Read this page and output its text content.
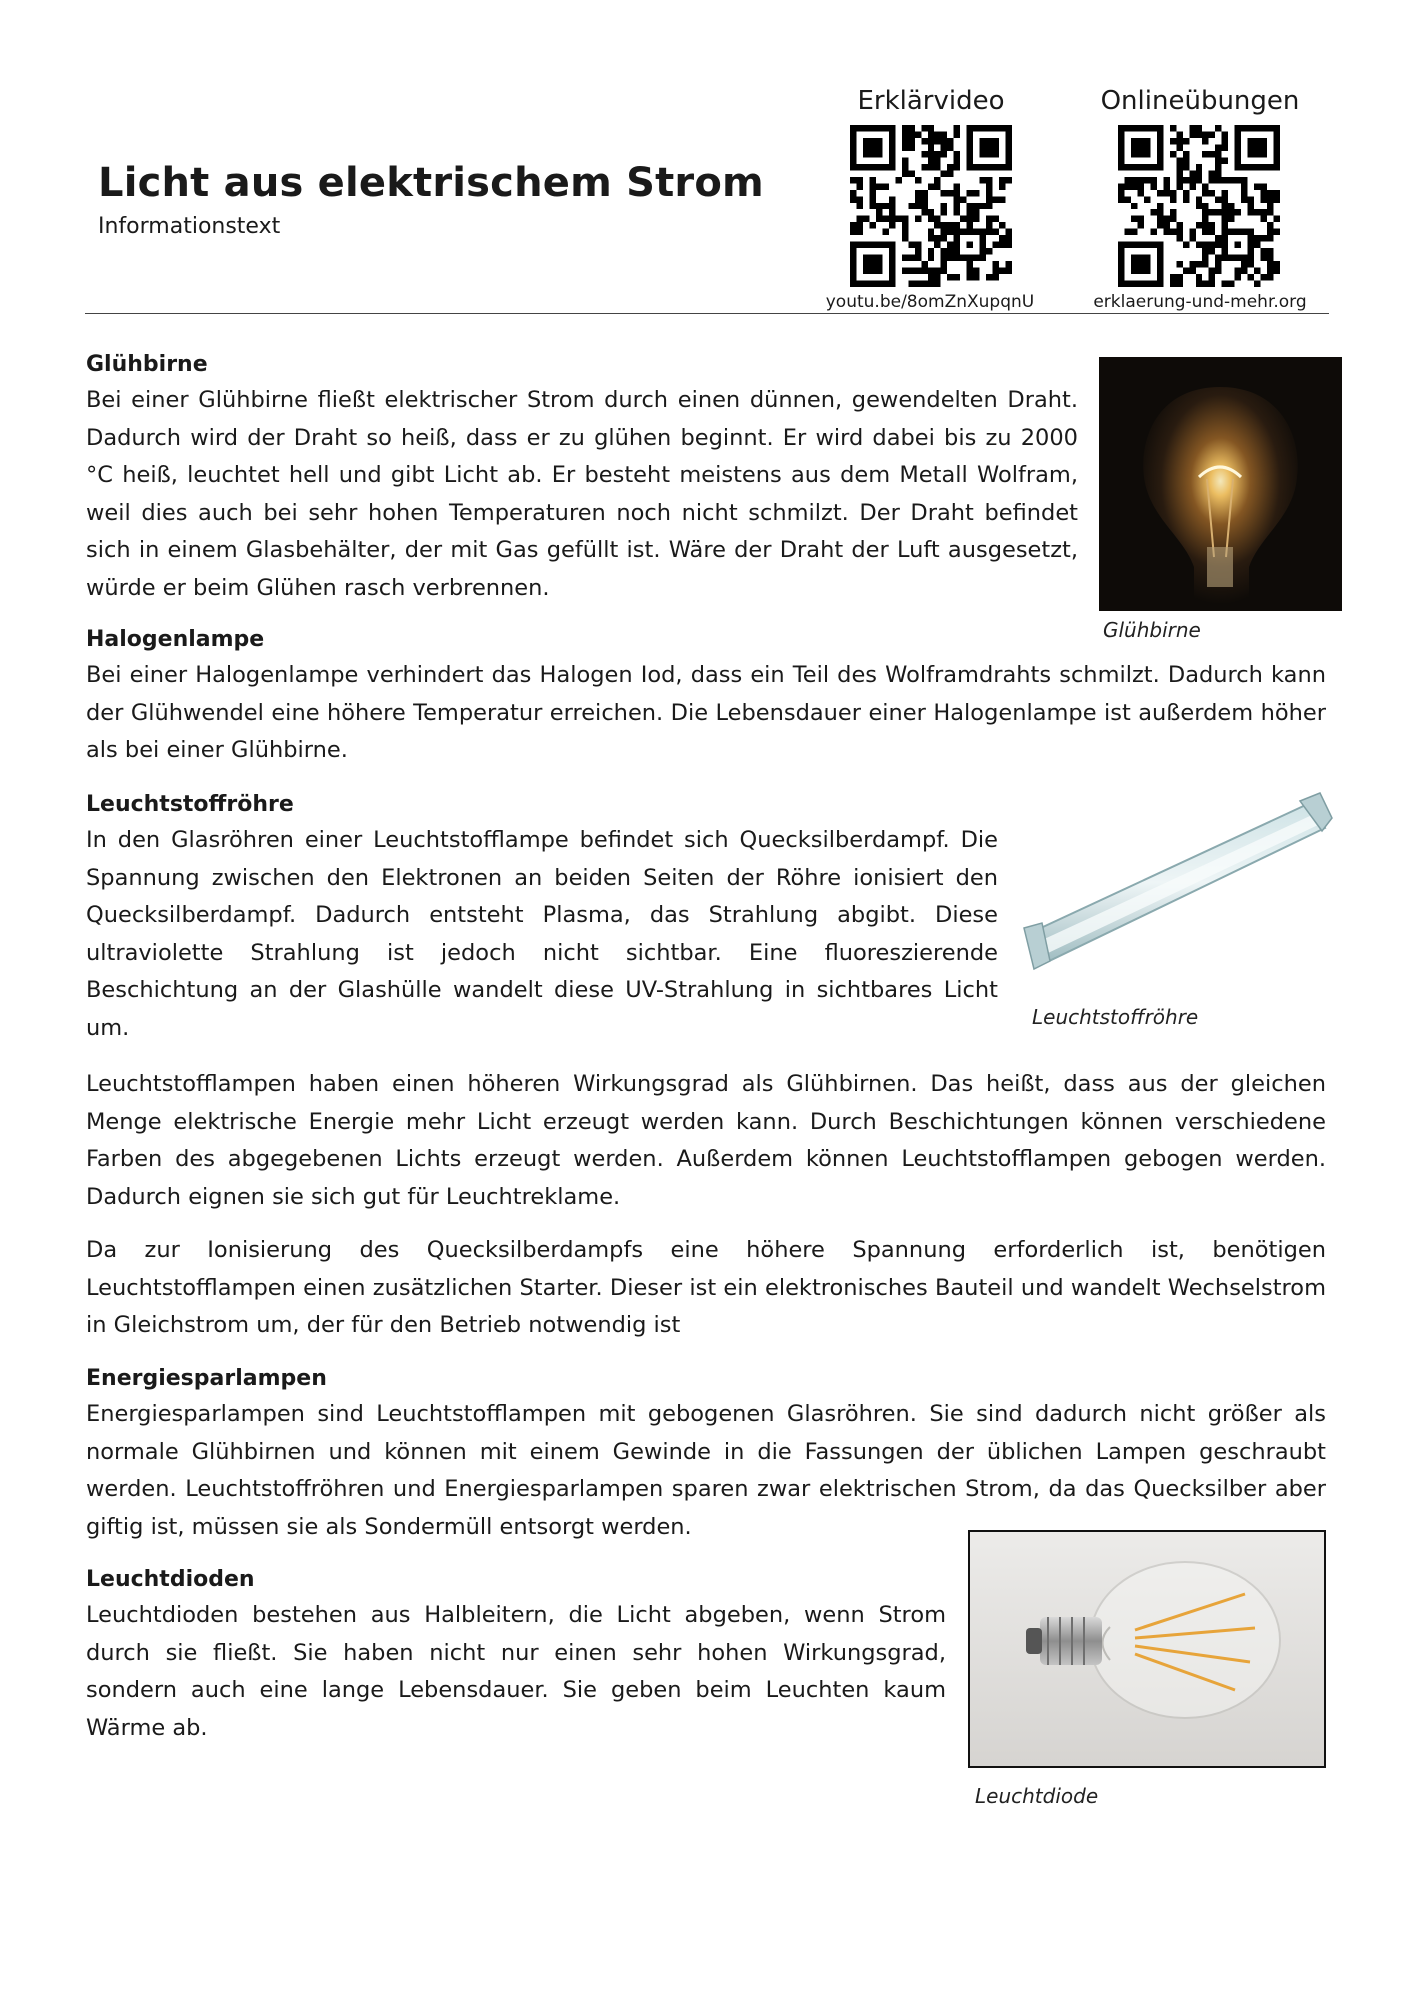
Licht aus elektrischem Strom
Informationstext
Erklärvideo
youtu.be/8omZnXupqnU
Onlineübungen
erklaerung-und-mehr.org
Glühbirne

Bei einer Glühbirne fließt elektrischer Strom durch einen dünnen, gewendelten Draht. Dadurch wird der Draht so heiß, dass er zu glühen beginnt. Er wird dabei bis zu 2000 °C heiß, leuchtet hell und gibt Licht ab. Er besteht meistens aus dem Metall Wolfram, weil dies auch bei sehr hohen Temperaturen noch nicht schmilzt. Der Draht befindet sich in einem Glasbehälter, der mit Gas gefüllt ist. Wäre der Draht der Luft ausgesetzt, würde er beim Glühen rasch verbrennen.

Glühbirne
Halogenlampe

Bei einer Halogenlampe verhindert das Halogen Iod, dass ein Teil des Wolframdrahts schmilzt. Dadurch kann der Glühwendel eine höhere Temperatur erreichen. Die Lebensdauer einer Halogenlampe ist außerdem höher als bei einer Glühbirne.

Leuchtstoffröhre

In den Glasröhren einer Leuchtstofflampe befindet sich Quecksilberdampf. Die Spannung zwischen den Elektronen an beiden Seiten der Röhre ionisiert den Quecksilberdampf. Dadurch entsteht Plasma, das Strahlung abgibt. Diese ultraviolette Strahlung ist jedoch nicht sichtbar. Eine fluoreszierende Beschichtung an der Glashülle wandelt diese UV-Strahlung in sichtbares Licht um.	Leuchtstoffröhre

Leuchtstofflampen haben einen höheren Wirkungsgrad als Glühbirnen. Das heißt, dass aus der gleichen Menge elektrische Energie mehr Licht erzeugt werden kann. Durch Beschichtungen können verschiedene Farben des abgegebenen Lichts erzeugt werden. Außerdem können Leuchtstofflampen gebogen werden. Dadurch eignen sie sich gut für Leuchtreklame.

Da zur Ionisierung des Quecksilberdampfs eine höhere Spannung erforderlich ist, benötigen Leuchtstofflampen einen zusätzlichen Starter. Dieser ist ein elektronisches Bauteil und wandelt Wechselstrom in Gleichstrom um, der für den Betrieb notwendig ist

Energiesparlampen

Energiesparlampen sind Leuchtstofflampen mit gebogenen Glasröhren. Sie sind dadurch nicht größer als normale Glühbirnen und können mit einem Gewinde in die Fassungen der üblichen Lampen geschraubt werden. Leuchtstoffröhren und Energiesparlampen sparen zwar elektrischen Strom, da das Quecksilber aber giftig ist, müssen sie als Sondermüll entsorgt werden.

Leuchtdioden

Leuchtdioden bestehen aus Halbleitern, die Licht abgeben, wenn Strom durch sie fließt. Sie haben nicht nur einen sehr hohen Wirkungsgrad, sondern auch eine lange Lebensdauer. Sie geben beim Leuchten kaum Wärme ab.

Leuchtdiode
